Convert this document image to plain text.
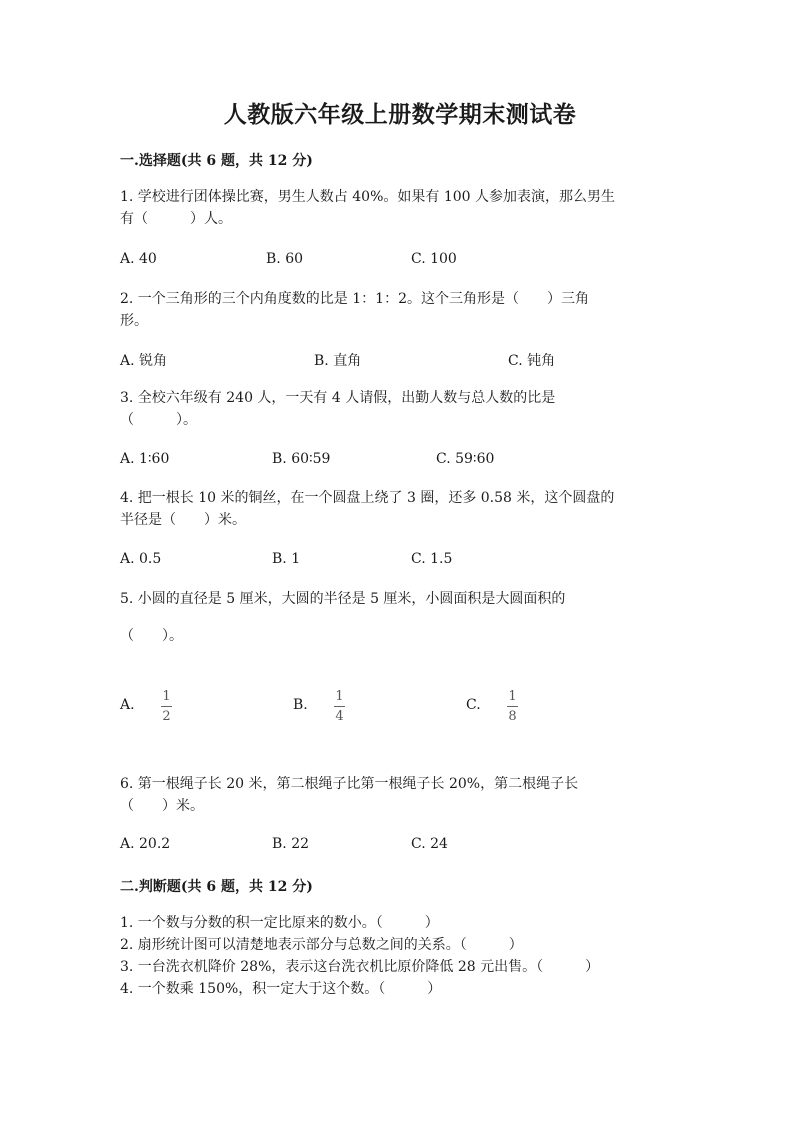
人教版六年级上册数学期末测试卷
一.选择题(共 6 题，共 12 分)
1. 学校进行团体操比赛，男生人数占 40%。如果有 100 人参加表演，那么男生
有（　　　）人。
A. 40	B. 60	C. 100
2. 一个三角形的三个内角度数的比是 1：1：2。这个三角形是（　　）三角
形。
A. 锐角	B. 直角	C. 钝角
3. 全校六年级有 240 人，一天有 4 人请假，出勤人数与总人数的比是
（　　　）。
A. 1∶60	B. 60∶59	C. 59∶60
4. 把一根长 10 米的铜丝，在一个圆盘上绕了 3 圈，还多 0.58 米，这个圆盘的
半径是（　　）米。
A. 0.5	B. 1	C. 1.5
5. 小圆的直径是 5 厘米，大圆的半径是 5 厘米，小圆面积是大圆面积的
（　　）。
A.
1
2
B.
1
4
C.
1
8
6. 第一根绳子长 20 米，第二根绳子比第一根绳子长 20%，第二根绳子长
（　　）米。
A. 20.2	B. 22	C. 24
二.判断题(共 6 题，共 12 分)
1. 一个数与分数的积一定比原来的数小。（　　　）
2. 扇形统计图可以清楚地表示部分与总数之间的关系。（　　　）
3. 一台洗衣机降价 28%，表示这台洗衣机比原价降低 28 元出售。（　　　）
4. 一个数乘 150%，积一定大于这个数。（　　　）
